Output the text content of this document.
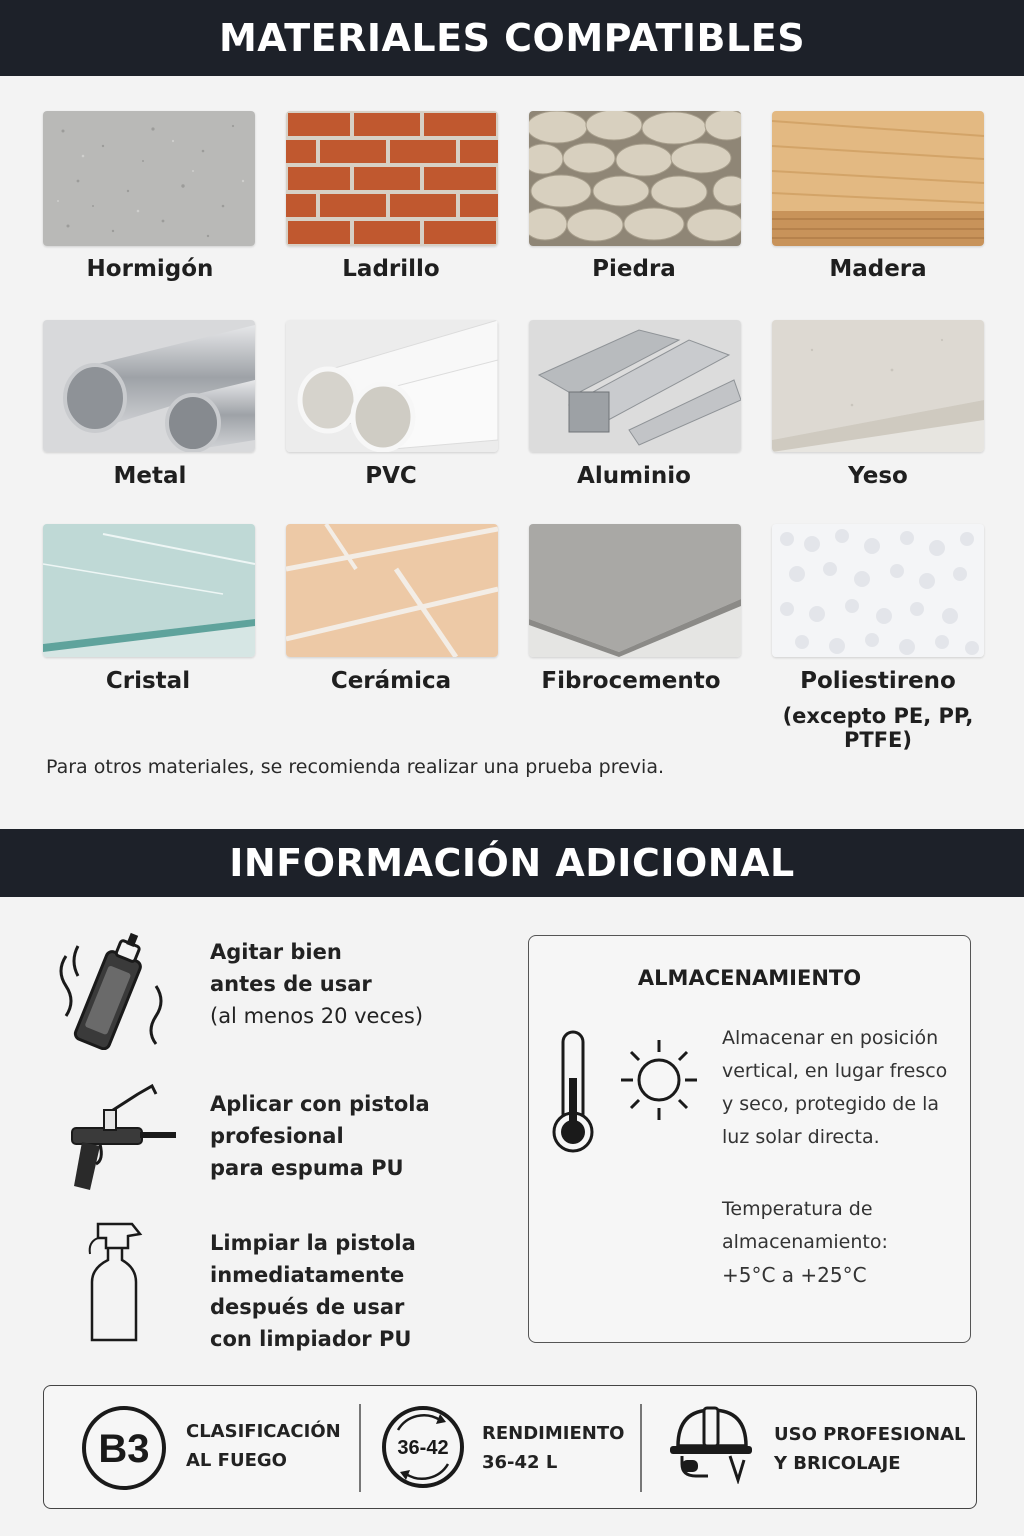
MATERIALES COMPATIBLES
Hormigón	Ladrillo	Piedra	Madera
Metal	PVC	Aluminio	Yeso
Cristal	Cerámica	Fibrocemento	Poliestireno
(excepto PE, PP, PTFE)
Para otros materiales, se recomienda realizar una prueba previa.
INFORMACIÓN ADICIONAL
Agitar bien
antes de usar
(al menos 20 veces)
Aplicar con pistola
profesional
para espuma PU
Limpiar la pistola
inmediatamente
después de usar
con limpiador PU
ALMACENAMIENTO
Almacenar en posición
vertical, en lugar fresco
y seco, protegido de la
luz solar directa.
Temperatura de
almacenamiento:
+5°C a +25°C
B3 CLASIFICACIÓN
AL FUEGO
36-42
RENDIMIENTO
36-42 L
USO PROFESIONAL
Y BRICOLAJE
